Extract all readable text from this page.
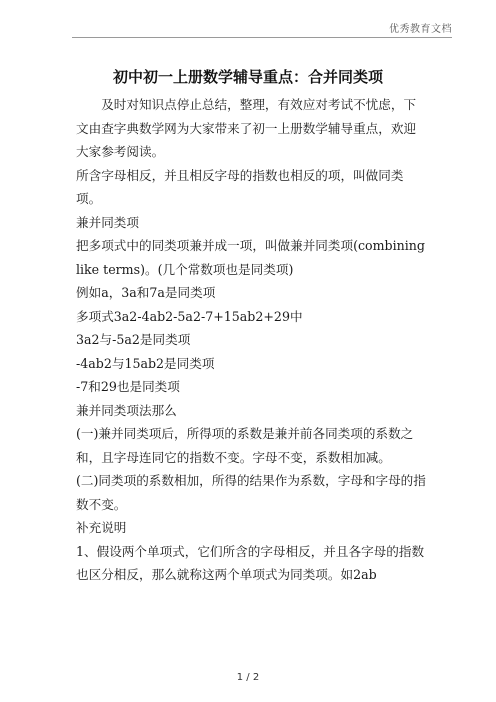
优秀教育文档
初中初一上册数学辅导重点：合并同类项

及时对知识点停止总结，整理，有效应对考试不忧虑，下文由查字典数学网为大家带来了初一上册数学辅导重点，欢迎大家参考阅读。

所含字母相反，并且相反字母的指数也相反的项，叫做同类项。

兼并同类项

把多项式中的同类项兼并成一项，叫做兼并同类项(combining like terms)。(几个常数项也是同类项)

例如a，3a和7a是同类项

多项式3a2-4ab2-5a2-7+15ab2+29中

3a2与-5a2是同类项

-4ab2与15ab2是同类项

-7和29也是同类项

兼并同类项法那么

(一)兼并同类项后，所得项的系数是兼并前各同类项的系数之和，且字母连同它的指数不变。字母不变，系数相加减。

(二)同类项的系数相加，所得的结果作为系数，字母和字母的指数不变。

补充说明

1、假设两个单项式，它们所含的字母相反，并且各字母的指数也区分相反，那么就称这两个单项式为同类项。如2ab

1 / 2
